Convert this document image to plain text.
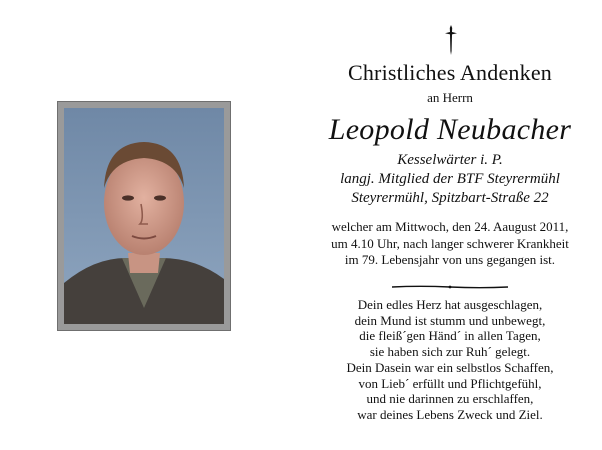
Christliches Andenken
an Herrn
Leopold Neubacher
Kesselwärter i. P.
langj. Mitglied der BTF Steyrermühl
Steyrermühl, Spitzbart-Straße 22
welcher am Mittwoch, den 24. Aaugust 2011,
um 4.10 Uhr, nach langer schwerer Krankheit
im 79. Lebensjahr von uns gegangen ist.
Dein edles Herz hat ausgeschlagen,
dein Mund ist stumm und unbewegt,
die fleiß´gen Händ´ in allen Tagen,
sie haben sich zur Ruh´ gelegt.
Dein Dasein war ein selbstlos Schaffen,
von Lieb´ erfüllt und Pflichtgefühl,
und nie darinnen zu erschlaffen,
war deines Lebens Zweck und Ziel.
